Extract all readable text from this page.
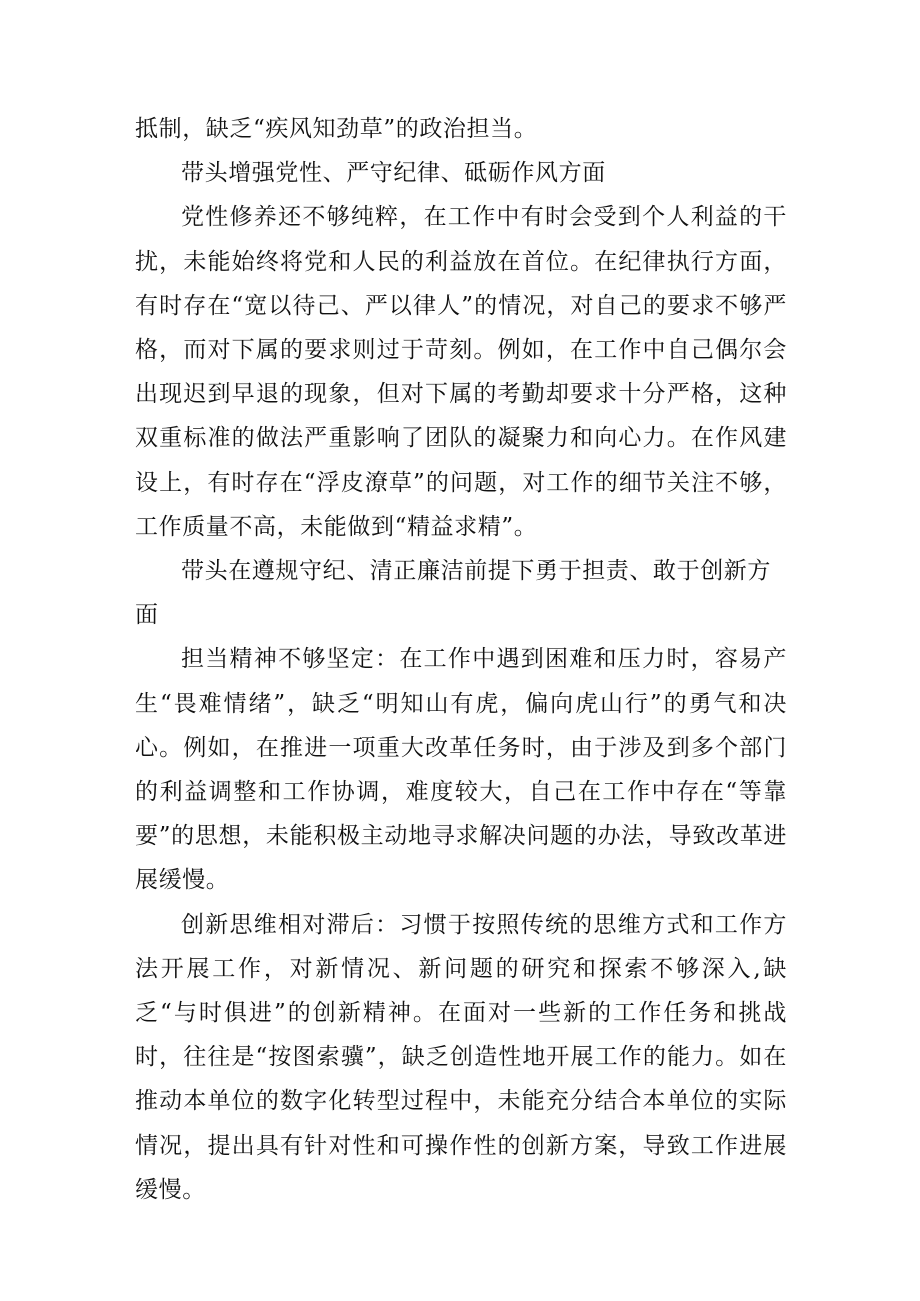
抵制，缺乏“疾风知劲草”的政治担当。

带头增强党性、严守纪律、砥砺作风方面

党性修养还不够纯粹，在工作中有时会受到个人利益的干扰，未能始终将党和人民的利益放在首位。在纪律执行方面，有时存在“宽以待己、严以律人”的情况，对自己的要求不够严格，而对下属的要求则过于苛刻。例如，在工作中自己偶尔会出现迟到早退的现象，但对下属的考勤却要求十分严格，这种双重标准的做法严重影响了团队的凝聚力和向心力。在作风建设上，有时存在“浮皮潦草”的问题，对工作的细节关注不够，工作质量不高，未能做到“精益求精”。

带头在遵规守纪、清正廉洁前提下勇于担责、敢于创新方面

担当精神不够坚定：在工作中遇到困难和压力时，容易产生“畏难情绪”，缺乏“明知山有虎，偏向虎山行”的勇气和决心。例如，在推进一项重大改革任务时，由于涉及到多个部门的利益调整和工作协调，难度较大，自己在工作中存在“等靠要”的思想，未能积极主动地寻求解决问题的办法，导致改革进展缓慢。

创新思维相对滞后：习惯于按照传统的思维方式和工作方法开展工作，对新情况、新问题的研究和探索不够深入,缺乏“与时俱进”的创新精神。在面对一些新的工作任务和挑战时，往往是“按图索骥”，缺乏创造性地开展工作的能力。如在推动本单位的数字化转型过程中，未能充分结合本单位的实际情况，提出具有针对性和可操作性的创新方案，导致工作进展缓慢。
